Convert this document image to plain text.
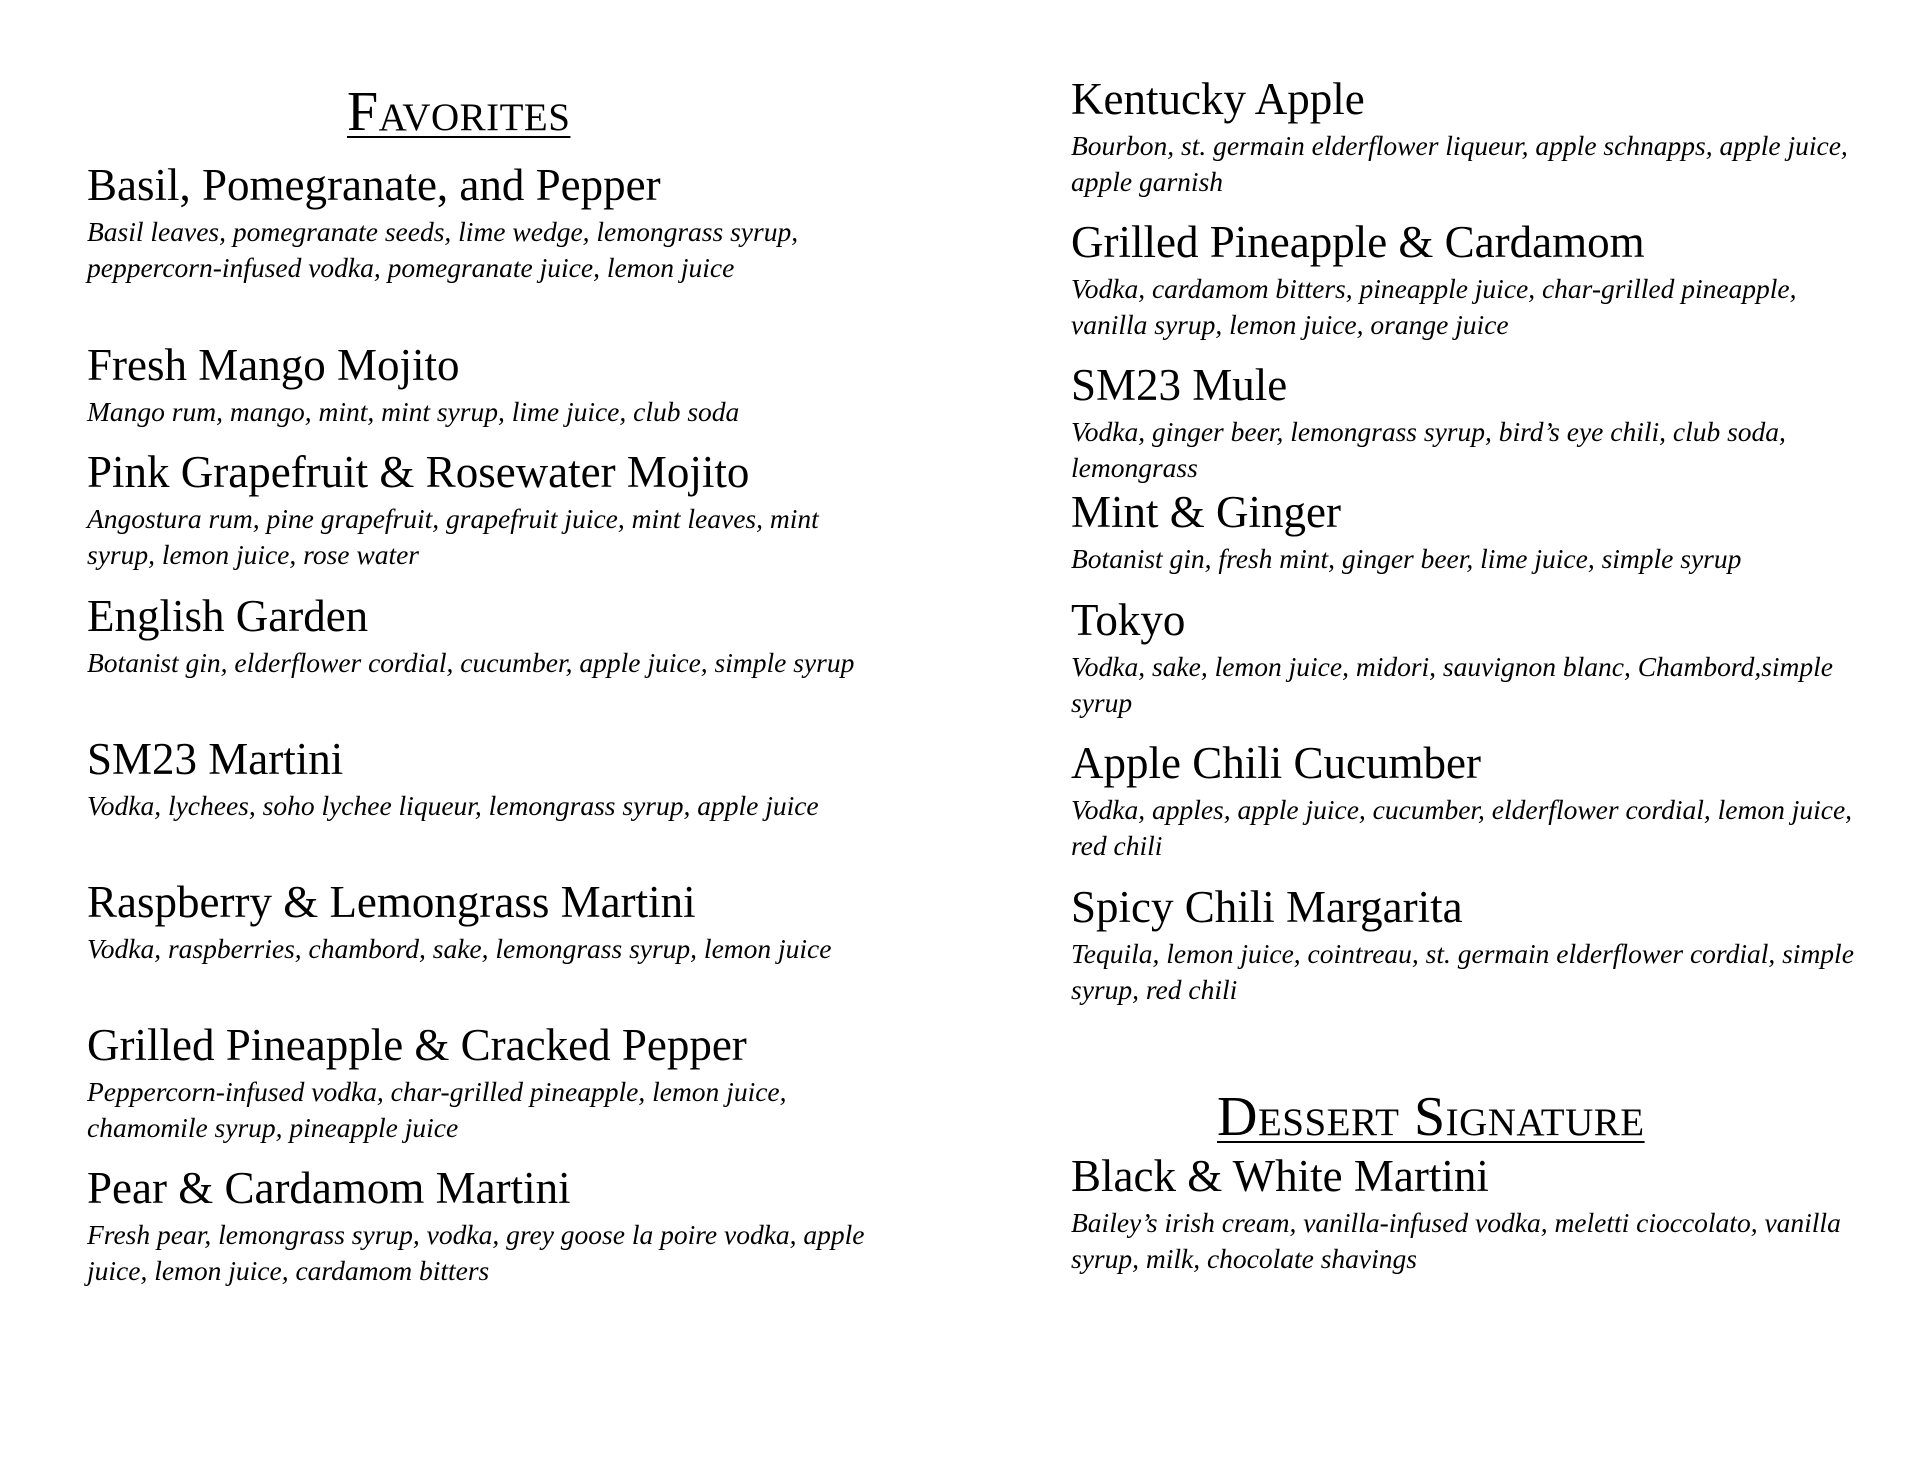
Favorites

Basil, Pomegranate, and Pepper

Basil leaves, pomegranate seeds, lime wedge, lemongrass syrup, peppercorn-infused vodka, pomegranate juice, lemon juice

Fresh Mango Mojito

Mango rum, mango, mint, mint syrup, lime juice, club soda

Pink Grapefruit & Rosewater Mojito

Angostura rum, pine grapefruit, grapefruit juice, mint leaves, mint syrup, lemon juice, rose water

English Garden

Botanist gin, elderflower cordial, cucumber, apple juice, simple syrup

SM23 Martini

Vodka, lychees, soho lychee liqueur, lemongrass syrup, apple juice

Raspberry & Lemongrass Martini

Vodka, raspberries, chambord, sake, lemongrass syrup, lemon juice

Grilled Pineapple & Cracked Pepper

Peppercorn-infused vodka, char-grilled pineapple, lemon juice, chamomile syrup, pineapple juice

Pear & Cardamom Martini

Fresh pear, lemongrass syrup, vodka, grey goose la poire vodka, apple juice, lemon juice, cardamom bitters

Kentucky Apple

Bourbon, st. germain elderflower liqueur, apple schnapps, apple juice, apple garnish

Grilled Pineapple & Cardamom

Vodka, cardamom bitters, pineapple juice, char-grilled pineapple, vanilla syrup, lemon juice, orange juice

SM23 Mule

Vodka, ginger beer, lemongrass syrup, bird’s eye chili, club soda, lemongrass

Mint & Ginger

Botanist gin, fresh mint, ginger beer, lime juice, simple syrup

Tokyo

Vodka, sake, lemon juice, midori, sauvignon blanc, Chambord,simple syrup

Apple Chili Cucumber

Vodka, apples, apple juice, cucumber, elderflower cordial, lemon juice, red chili

Spicy Chili Margarita

Tequila, lemon juice, cointreau, st. germain elderflower cordial, simple syrup, red chili

Dessert Signature

Black & White Martini

Bailey’s irish cream, vanilla-infused vodka, meletti cioccolato, vanilla syrup, milk, chocolate shavings
